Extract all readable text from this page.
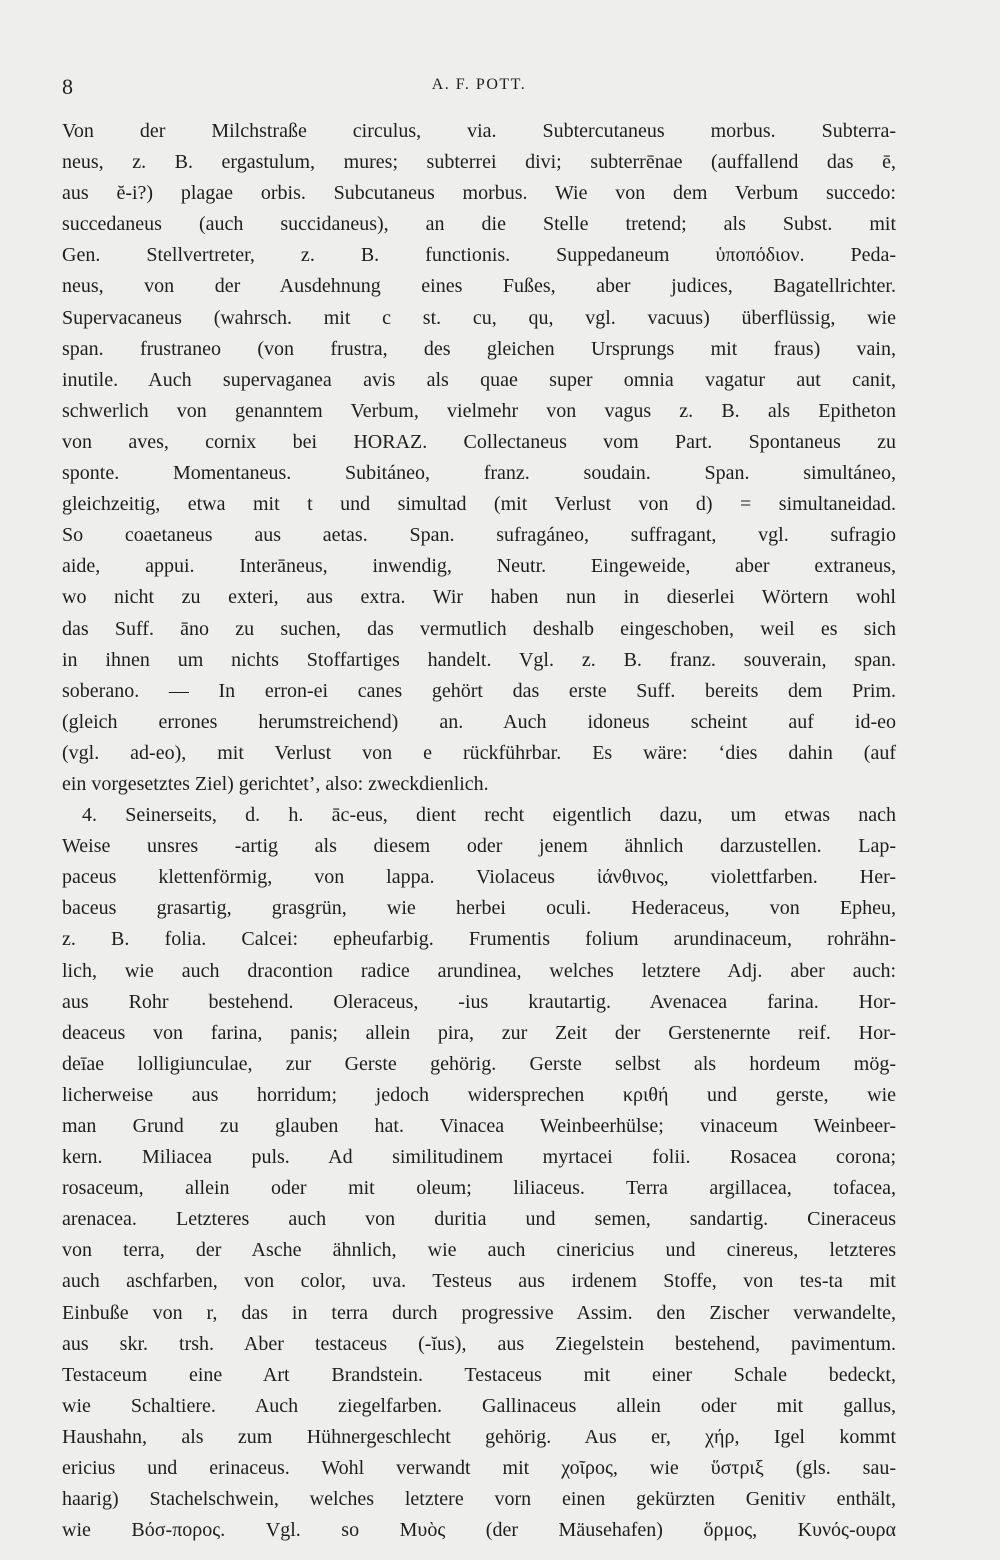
8	A. F. POTT.
Von der Milchstraße circulus, via. Subtercutaneus morbus. Subterra-
neus, z. B. ergastulum, mures; subterrei divi; subterrēnae (auffallend das ē,
aus ĕ-i?) plagae orbis. Subcutaneus morbus. Wie von dem Verbum succedo:
succedaneus (auch succidaneus), an die Stelle tretend; als Subst. mit
Gen. Stellvertreter, z. B. functionis. Suppedaneum ὑποπόδιον. Peda-
neus, von der Ausdehnung eines Fußes, aber judices, Bagatellrichter.
Supervacaneus (wahrsch. mit c st. cu, qu, vgl. vacuus) überflüssig, wie
span. frustraneo (von frustra, des gleichen Ursprungs mit fraus) vain,
inutile. Auch supervaganea avis als quae super omnia vagatur aut canit,
schwerlich von genanntem Verbum, vielmehr von vagus z. B. als Epitheton
von aves, cornix bei HORAZ. Collectaneus vom Part. Spontaneus zu
sponte. Momentaneus. Subitáneo, franz. soudain. Span. simultáneo,
gleichzeitig, etwa mit t und simultad (mit Verlust von d) = simultaneidad.
So coaetaneus aus aetas. Span. sufragáneo, suffragant, vgl. sufragio
aide, appui. Interāneus, inwendig, Neutr. Eingeweide, aber extraneus,
wo nicht zu exteri, aus extra. Wir haben nun in dieserlei Wörtern wohl
das Suff. āno zu suchen, das vermutlich deshalb eingeschoben, weil es sich
in ihnen um nichts Stoffartiges handelt. Vgl. z. B. franz. souverain, span.
soberano. — In erron-ei canes gehört das erste Suff. bereits dem Prim.
(gleich errones herumstreichend) an. Auch idoneus scheint auf id-eo
(vgl. ad-eo), mit Verlust von e rückführbar. Es wäre: ʻdies dahin (auf
ein vorgesetztes Ziel) gerichtet’, also: zweckdienlich.
4. Seinerseits, d. h. āc-eus, dient recht eigentlich dazu, um etwas nach
Weise unsres -artig als diesem oder jenem ähnlich darzustellen. Lap-
paceus klettenförmig, von lappa. Violaceus ἰάνθινος, violettfarben. Her-
baceus grasartig, grasgrün, wie herbei oculi. Hederaceus, von Epheu,
z. B. folia. Calcei: epheufarbig. Frumentis folium arundinaceum, rohrähn-
lich, wie auch dracontion radice arundinea, welches letztere Adj. aber auch:
aus Rohr bestehend. Oleraceus, -ius krautartig. Avenacea farina. Hor-
deaceus von farina, panis; allein pira, zur Zeit der Gerstenernte reif. Hor-
deīae lolligiunculae, zur Gerste gehörig. Gerste selbst als hordeum mög-
licherweise aus horridum; jedoch widersprechen κριθή und gerste, wie
man Grund zu glauben hat. Vinacea Weinbeerhülse; vinaceum Weinbeer-
kern. Miliacea puls. Ad similitudinem myrtacei folii. Rosacea corona;
rosaceum, allein oder mit oleum; liliaceus. Terra argillacea, tofacea,
arenacea. Letzteres auch von duritia und semen, sandartig. Cineraceus
von terra, der Asche ähnlich, wie auch cinericius und cinereus, letzteres
auch aschfarben, von color, uva. Testeus aus irdenem Stoffe, von tes-ta mit
Einbuße von r, das in terra durch progressive Assim. den Zischer verwandelte,
aus skr. trsh. Aber testaceus (-ĭus), aus Ziegelstein bestehend, pavimentum.
Testaceum eine Art Brandstein. Testaceus mit einer Schale bedeckt,
wie Schaltiere. Auch ziegelfarben. Gallinaceus allein oder mit gallus,
Haushahn, als zum Hühnergeschlecht gehörig. Aus er, χήρ, Igel kommt
ericius und erinaceus. Wohl verwandt mit χοῖρος, wie ὕστριξ (gls. sau-
haarig) Stachelschwein, welches letztere vorn einen gekürzten Genitiv enthält,
wie Βόσ-πορος. Vgl. so Μυὸς (der Mäusehafen) ὅρμος, Κυνός-ουρα
